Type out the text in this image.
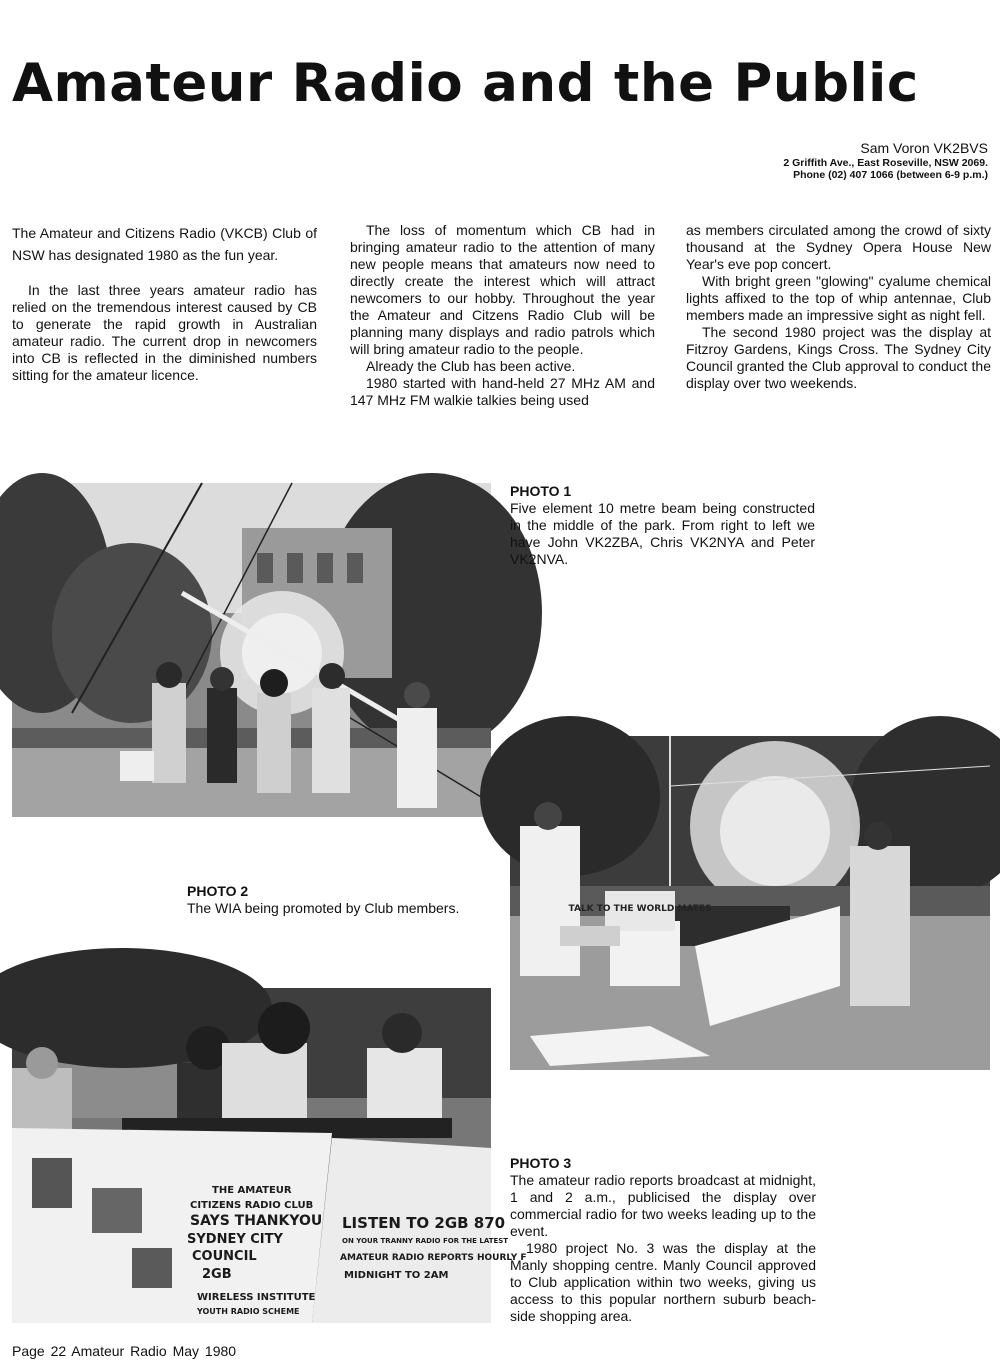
Amateur Radio and the Public
Sam Voron VK2BVS
2 Griffith Ave., East Roseville, NSW 2069.
Phone (02) 407 1066 (between 6-9 p.m.)

The Amateur and Citizens Radio (VKCB) Club of NSW has designated 1980 as the fun year.

In the last three years amateur radio has relied on the tremendous interest caused by CB to generate the rapid growth in Australian amateur radio. The current drop in newcomers into CB is reflected in the diminished numbers sitting for the amateur licence.

The loss of momentum which CB had in bringing amateur radio to the attention of many new people means that amateurs now need to directly create the interest which will attract newcomers to our hobby. Throughout the year the Amateur and Citzens Radio Club will be planning many displays and radio patrols which will bring amateur radio to the people.

Already the Club has been active.

1980 started with hand-held 27 MHz AM and 147 MHz FM walkie talkies being used

as members circulated among the crowd of sixty thousand at the Sydney Opera House New Year's eve pop concert.

With bright green "glowing" cyalume chemical lights affixed to the top of whip antennae, Club members made an impressive sight as night fell.

The second 1980 project was the display at Fitzroy Gardens, Kings Cross. The Sydney City Council granted the Club approval to conduct the display over two weekends.

PHOTO 1

Five element 10 metre beam being constructed in the middle of the park. From right to left we have John VK2ZBA, Chris VK2NYA and Peter VK2NVA.

TALK TO THE WORLD MATES
PHOTO 2

The WIA being promoted by Club members.

THE AMATEUR
CITIZENS RADIO CLUB
SAYS THANKYOU
SYDNEY CITY
COUNCIL
2GB
WIRELESS INSTITUTE
YOUTH RADIO SCHEME
LISTEN TO 2GB 870
ON YOUR TRANNY RADIO FOR THE LATEST
AMATEUR RADIO REPORTS HOURLY F
MIDNIGHT TO 2AM
PHOTO 3

The amateur radio reports broadcast at midnight, 1 and 2 a.m., publicised the display over commercial radio for two weeks leading up to the event.

1980 project No. 3 was the display at the Manly shopping centre. Manly Council approved to Club application within two weeks, giving us access to this popular northern suburb beach-side shopping area.

Page 22 Amateur Radio May 1980
